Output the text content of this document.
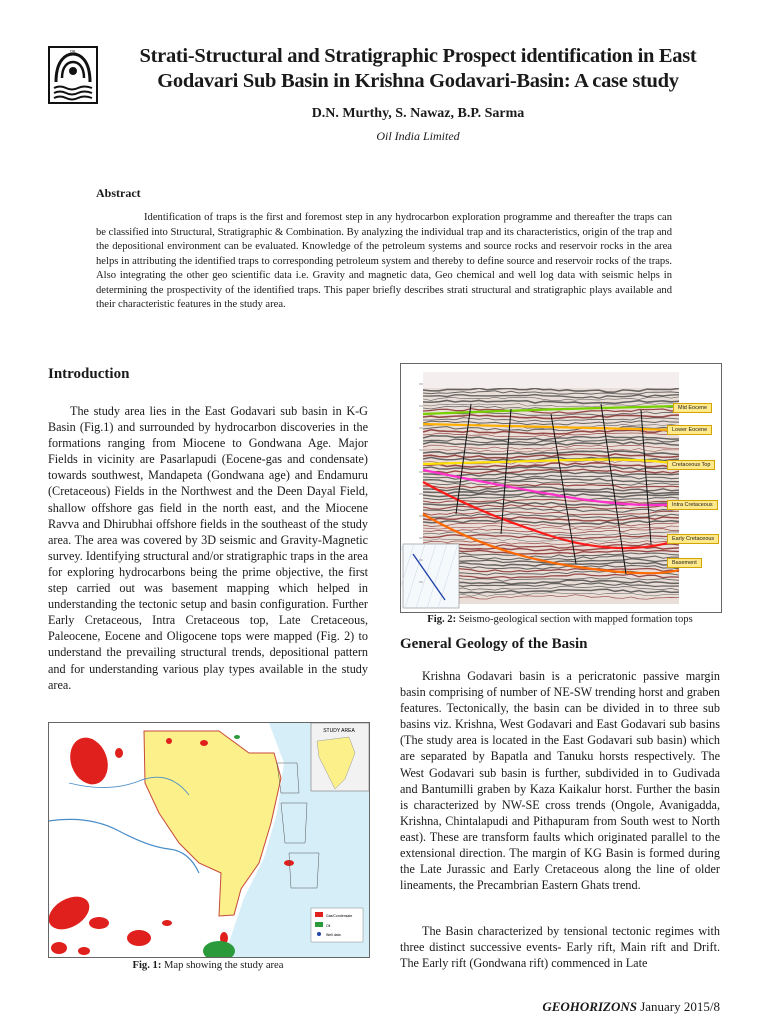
OIL	Strati-Structural and Stratigraphic Prospect identification in East Godavari Sub Basin in Krishna Godavari-Basin: A case study
D.N. Murthy, S. Nawaz, B.P. Sarma
Oil India Limited
Abstract

Identification of traps is the first and foremost step in any hydrocarbon exploration programme and thereafter the traps can be classified into Structural, Stratigraphic & Combination. By analyzing the individual trap and its characteristics, origin of the trap and the depositional environment can be evaluated. Knowledge of the petroleum systems and source rocks and reservoir rocks in the area helps in attributing the identified traps to corresponding petroleum system and thereby to define source and reservoir rocks of the traps. Also integrating the other geo scientific data i.e. Gravity and magnetic data, Geo chemical and well log data with seismic helps in determining the prospectivity of the identified traps. This paper briefly describes strati structural and stratigraphic plays available and their characteristic features in the study area.

Introduction

The study area lies in the East Godavari sub basin in K-G Basin (Fig.1) and surrounded by hydrocarbon discoveries in the formations ranging from Miocene to Gondwana Age. Major Fields in vicinity are Pasarlapudi (Eocene-gas and condensate) towards southwest, Mandapeta (Gondwana age) and Endamuru (Cretaceous) Fields in the Northwest and the Deen Dayal Field, shallow offshore gas field in the north east, and the Miocene Ravva and Dhirubhai offshore fields in the southeast of the study area. The area was covered by 3D seismic and Gravity-Magnetic survey. Identifying structural and/or stratigraphic traps in the area for exploring hydrocarbons being the prime objective, the first step carried out was basement mapping which helped in understanding the tectonic setup and basin configuration. Further Early Cretaceous, Intra Cretaceous top, Late Cretaceous, Paleocene, Eocene and Oligocene tops were mapped (Fig. 2) to understand the prevailing structural trends, depositional pattern and for understanding various play types available in the study area.

STUDY AREA
Gas/Condensate
Oil
Well data
Fig. 1: Map showing the study area
Mid Eocene
Lower Eocene
Cretaceous Top
Intra Cretaceous
Early Cretaceous
Basement
Fig. 2: Seismo-geological section with mapped formation tops
General Geology of the Basin

Krishna Godavari basin is a pericratonic passive margin basin comprising of number of NE-SW trending horst and graben features. Tectonically, the basin can be divided in to three sub basins viz. Krishna, West Godavari and East Godavari sub basins (The study area is located in the East Godavari sub basin) which are separated by Bapatla and Tanuku horsts respectively. The West Godavari sub basin is further, subdivided in to Gudivada and Bantumilli graben by Kaza Kaikalur horst. Further the basin is characterized by NW-SE cross trends (Ongole, Avanigadda, Krishna, Chintalapudi and Pithapuram from South west to North east). These are transform faults which originated parallel to the extensional direction. The margin of KG Basin is formed during the Late Jurassic and Early Cretaceous along the line of older lineaments, the Precambrian Eastern Ghats trend.

The Basin characterized by tensional tectonic regimes with three distinct successive events- Early rift, Main rift and Drift. The Early rift (Gondwana rift) commenced in Late

GEOHORIZONS January 2015/8
